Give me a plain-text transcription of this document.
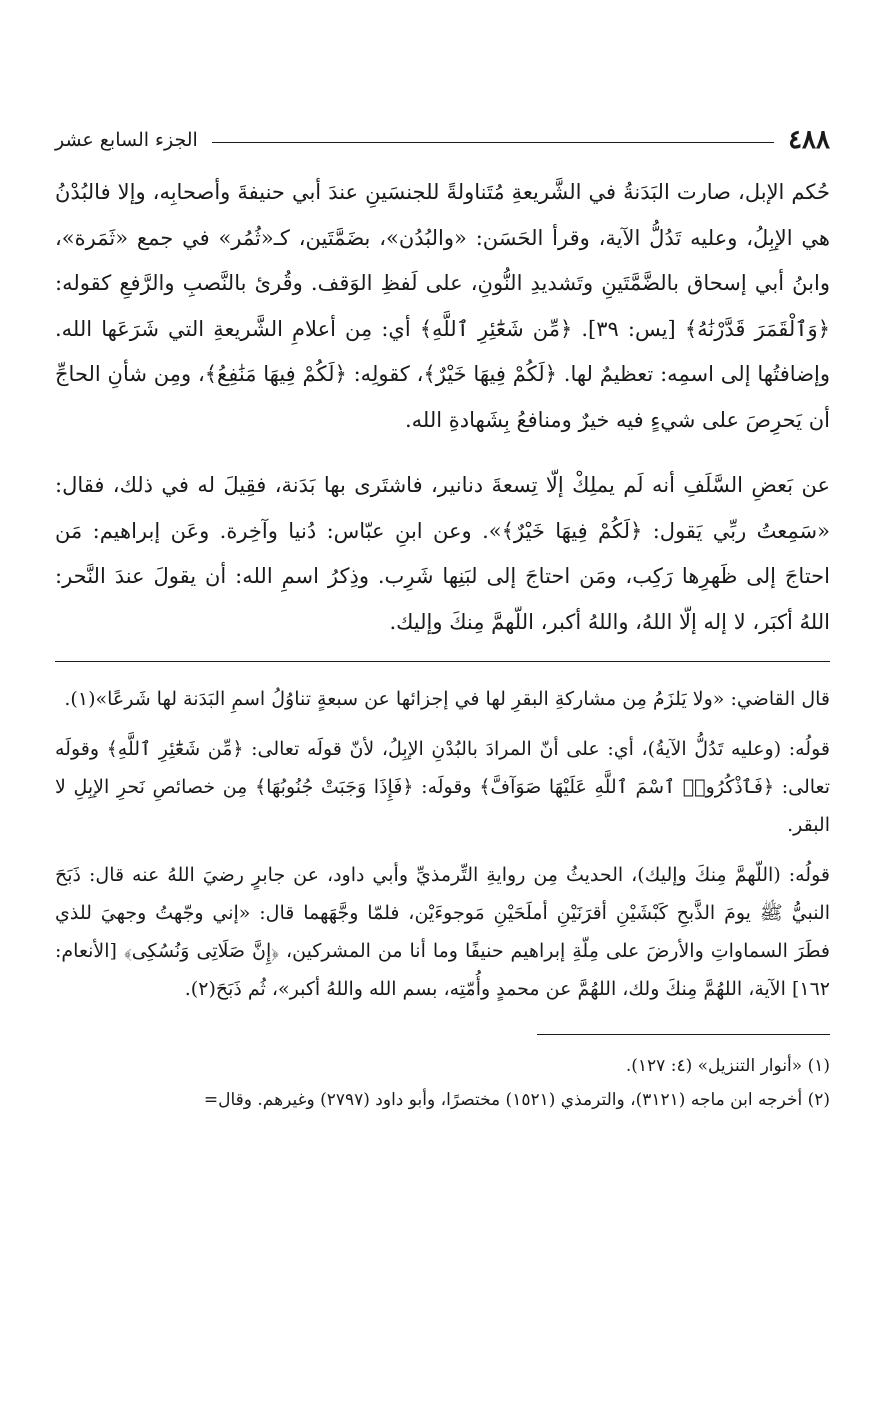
٤٨٨
الجزء السابع عشر

حُكم الإبل، صارت البَدَنةُ في الشَّريعةِ مُتَناولةً للجنسَينِ عندَ أبي حنيفةَ وأصحابِه، وإلا فالبُدْنُ هي الإبِلُ، وعليه تَدُلُّ الآية، وقرأ الحَسَن: «والبُدُن»، بضَمَّتَين، كـ«ثُمُر» في جمع «ثَمَرة»، وابنُ أبي إسحاق بالضَّمَّتَينِ وتَشديدِ النُّونِ، على لَفظِ الوَقف. وقُرئ بالنَّصبِ والرَّفعِ كقوله: ﴿وَٱلْقَمَرَ قَدَّرْنَٰهُ﴾ [يس: ٣٩]. ﴿مِّن شَعَٰٓئِرِ ٱللَّهِ﴾ أي: مِن أعلامِ الشَّريعةِ التي شَرَعَها الله. وإضافتُها إلى اسمِه: تعظيمٌ لها. ﴿لَكُمْ فِيهَا خَيْرٌ﴾، كقولِه: ﴿لَكُمْ فِيهَا مَنَٰفِعُ﴾، ومِن شأنِ الحاجِّ أن يَحرِصَ على شيءٍ فيه خيرٌ ومنافعُ بِشَهادةِ الله.

عن بَعضِ السَّلَفِ أنه لَم يملِكْ إلّا تِسعةَ دنانير، فاشتَرى بها بَدَنة، فقِيلَ له في ذلك، فقال: «سَمِعتُ ربِّي يَقول: ﴿لَكُمْ فِيهَا خَيْرٌ﴾». وعن ابنِ عبّاس: دُنيا وآخِرة. وعَن إبراهيم: مَن احتاجَ إلى ظَهرِها رَكِب، ومَن احتاجَ إلى لبَنِها شَرِب. وذِكرُ اسمِ الله: أن يقولَ عندَ النَّحر: اللهُ أكبَر، لا إله إلّا اللهُ، واللهُ أكبر، اللّهمَّ مِنكَ وإليك.

قال القاضي: «ولا يَلزَمُ مِن مشاركةِ البقرِ لها في إجزائها عن سبعةٍ تناوُلُ اسمِ البَدَنة لها شَرعًا»(١).

قولُه: (وعليه تَدُلُّ الآيةُ)، أي: على أنّ المرادَ بالبُدْنِ الإبِلُ، لأنّ قولَه تعالى: ﴿مِّن شَعَٰٓئِرِ ٱللَّهِ﴾ وقولَه تعالى: ﴿فَٱذْكُرُوا۟ ٱسْمَ ٱللَّهِ عَلَيْهَا صَوَآفَّ﴾ وقولَه: ﴿فَإِذَا وَجَبَتْ جُنُوبُهَا﴾ مِن خصائصِ نَحرِ الإبِلِ لا البقر.

قولُه: (اللّهمَّ مِنكَ وإليك)، الحديثُ مِن روايةِ التِّرمذيِّ وأبي داود، عن جابرٍ رضيَ اللهُ عنه قال: ذَبَحَ النبيُّ ﷺ يومَ الذَّبحِ كَبْشَيْنِ أقرَنَيْنِ أملَحَيْنِ مَوجوءَيْن، فلمّا وجَّهَهما قال: «إني وجّهتُ وجهيَ للذي فطَرَ السماواتِ والأرضَ على مِلّةِ إبراهيم حنيفًا وما أنا من المشركين، ﴿إِنَّ صَلَاتِى وَنُسُكِى﴾ [الأنعام: ١٦٢] الآية، اللهُمَّ مِنكَ ولك، اللهُمَّ عن محمدٍ وأُمّتِه، بسم الله واللهُ أكبر»، ثُم ذَبَحَ(٢).

(١) «أنوار التنزيل» (٤: ١٢٧).

(٢) أخرجه ابن ماجه (٣١٢١)، والترمذي (١٥٢١) مختصرًا، وأبو داود (٢٧٩٧) وغيرهم. وقال=
